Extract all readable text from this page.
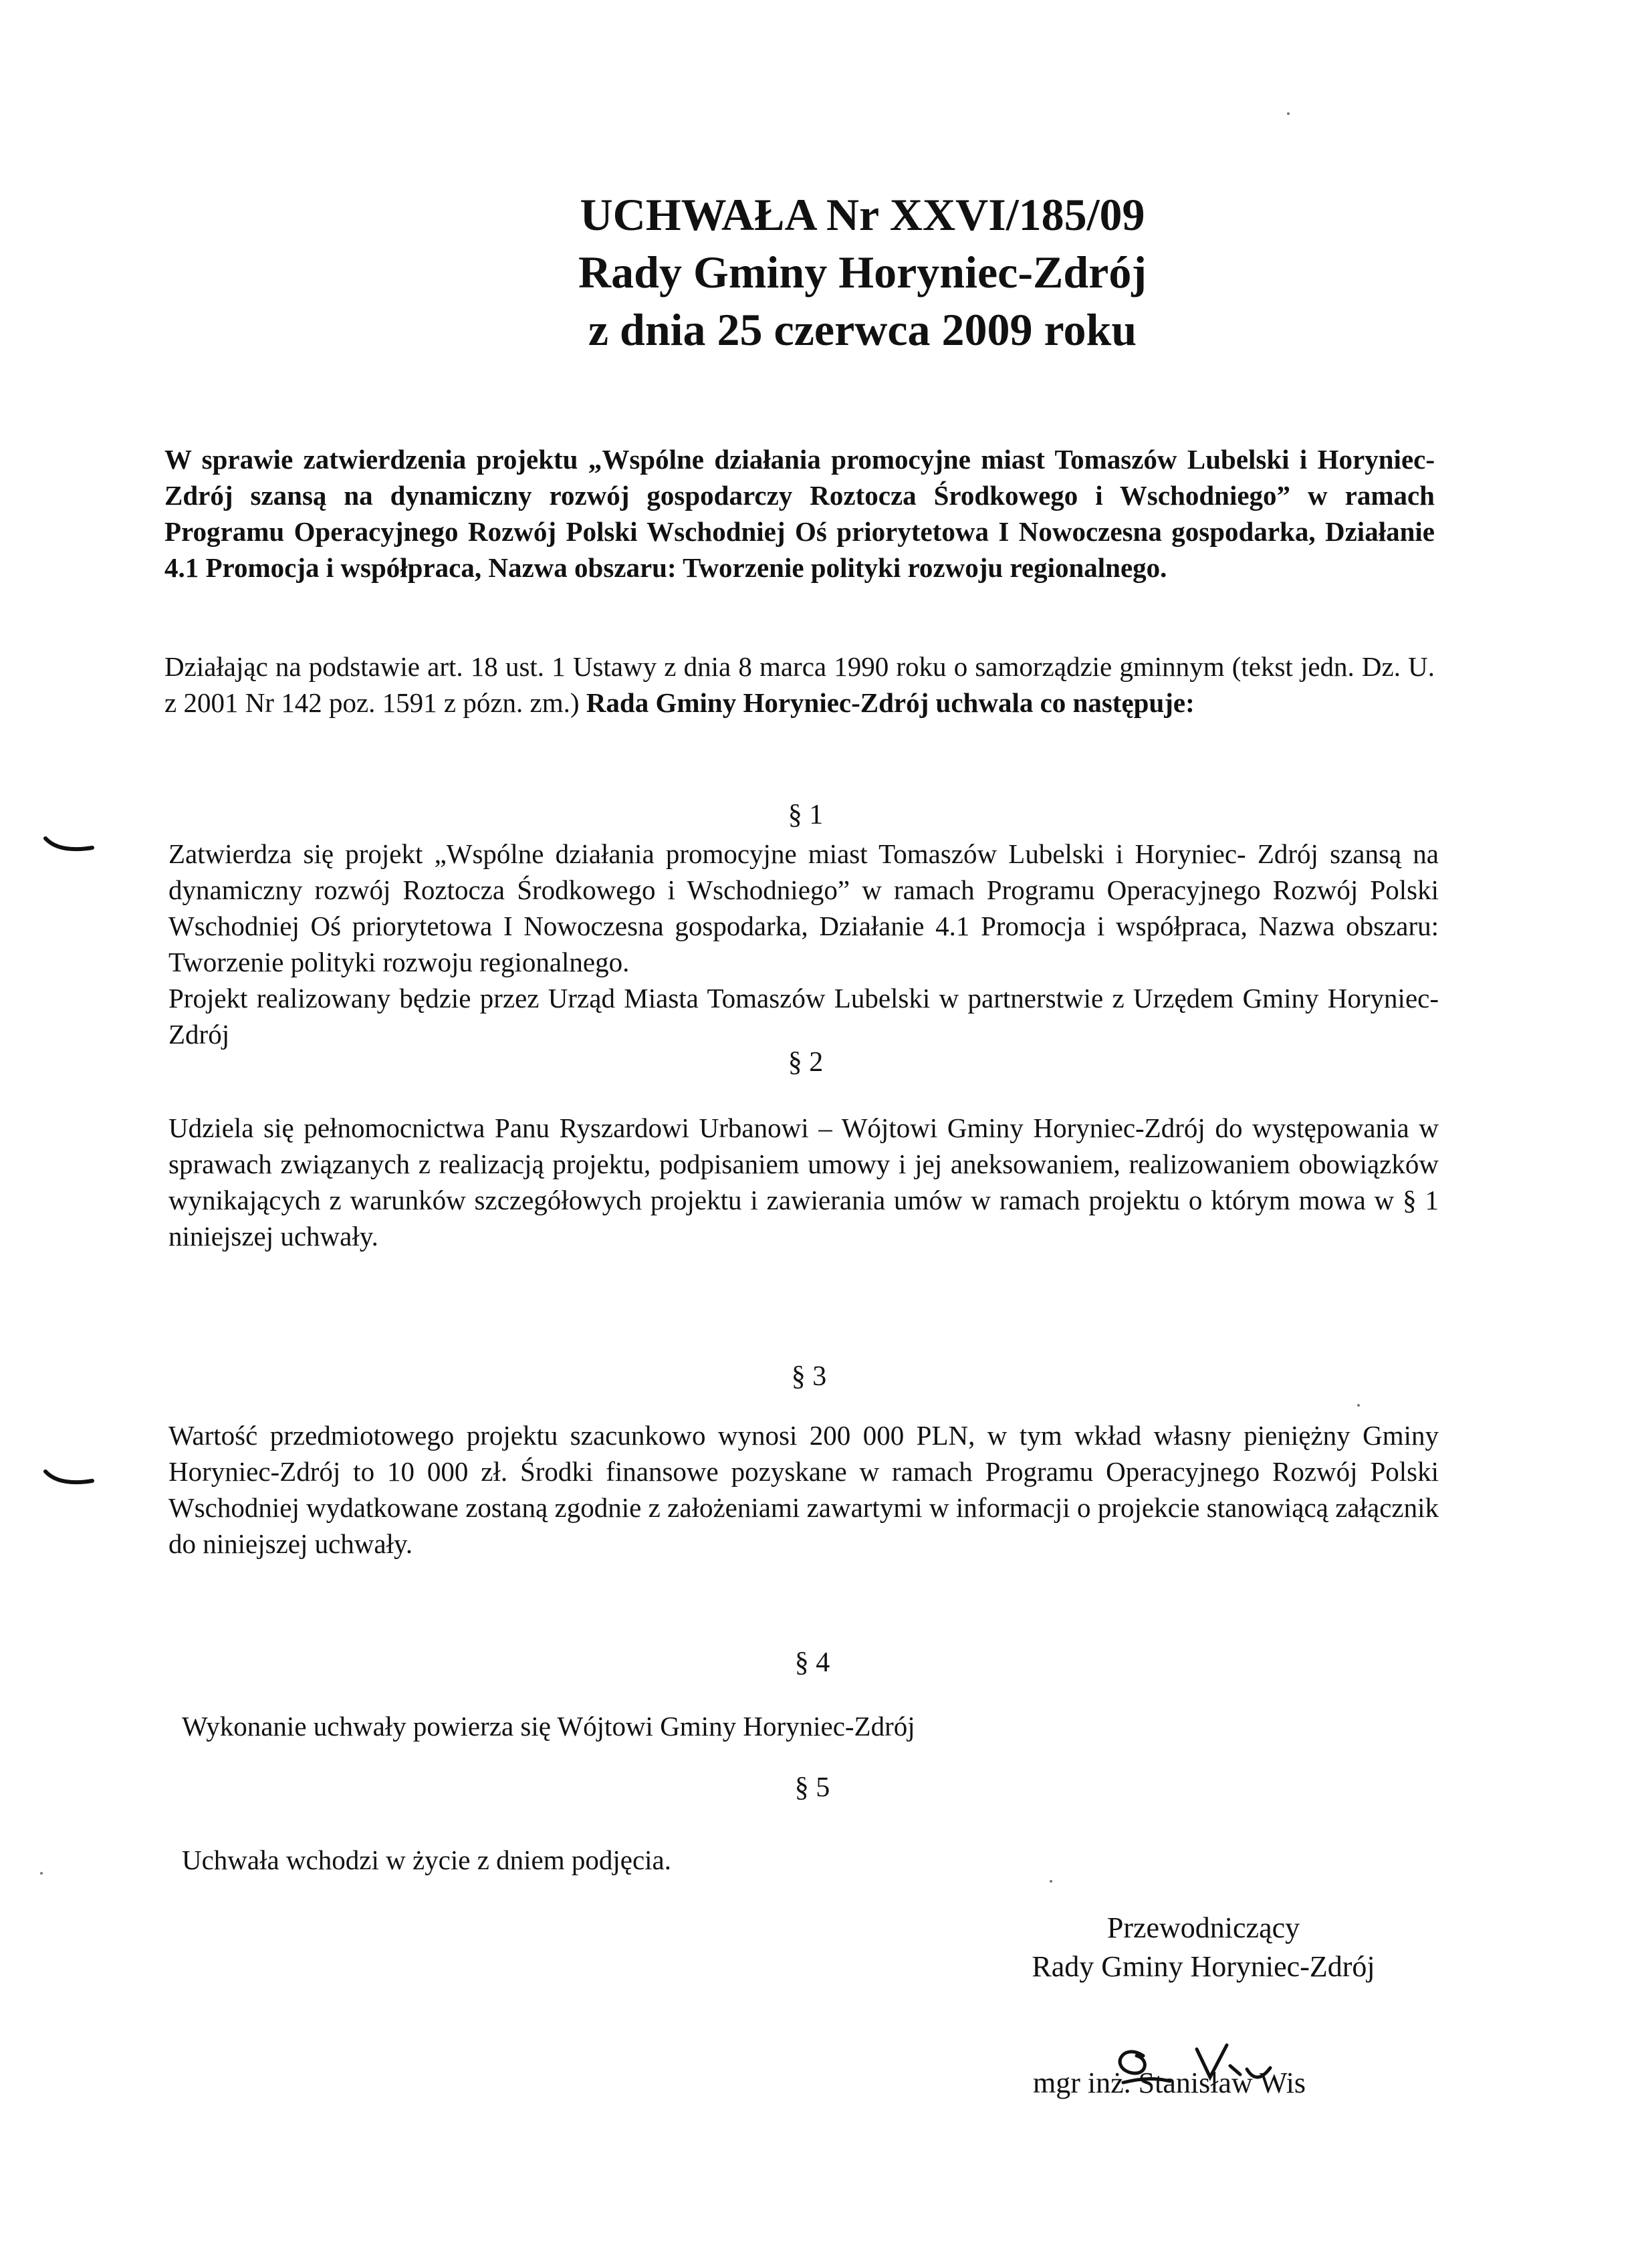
UCHWAŁA Nr XXVI/185/09
Rady Gminy Horyniec-Zdrój
z dnia 25 czerwca 2009 roku
W sprawie zatwierdzenia projektu „Wspólne działania promocyjne miast Tomaszów Lubelski i Horyniec- Zdrój szansą na dynamiczny rozwój gospodarczy Roztocza Środkowego i Wschodniego” w ramach Programu Operacyjnego Rozwój Polski Wschodniej Oś priorytetowa I Nowoczesna gospodarka, Działanie 4.1 Promocja i współpraca, Nazwa obszaru: Tworzenie polityki rozwoju regionalnego.
Działając na podstawie art. 18 ust. 1 Ustawy z dnia 8 marca 1990 roku o samorządzie gminnym (tekst jedn. Dz. U. z 2001 Nr 142 poz. 1591 z pózn. zm.) Rada Gminy Horyniec-Zdrój uchwala co następuje:
§ 1
Zatwierdza się projekt „Wspólne działania promocyjne miast Tomaszów Lubelski i Horyniec- Zdrój szansą na dynamiczny rozwój Roztocza Środkowego i Wschodniego” w ramach Programu Operacyjnego Rozwój Polski Wschodniej Oś priorytetowa I Nowoczesna gospodarka, Działanie 4.1 Promocja i współpraca, Nazwa obszaru: Tworzenie polityki rozwoju regionalnego.
Projekt realizowany będzie przez Urząd Miasta Tomaszów Lubelski w partnerstwie z Urzędem Gminy Horyniec-Zdrój
§ 2
Udziela się pełnomocnictwa Panu Ryszardowi Urbanowi – Wójtowi Gminy Horyniec-Zdrój do występowania w sprawach związanych z realizacją projektu, podpisaniem umowy i jej aneksowaniem, realizowaniem obowiązków wynikających z warunków szczegółowych projektu i zawierania umów w ramach projektu o którym mowa w § 1 niniejszej uchwały.
§ 3
Wartość przedmiotowego projektu szacunkowo wynosi 200 000 PLN, w tym wkład własny pieniężny Gminy Horyniec-Zdrój to 10 000 zł. Środki finansowe pozyskane w ramach Programu Operacyjnego Rozwój Polski Wschodniej wydatkowane zostaną zgodnie z założeniami zawartymi w informacji o projekcie stanowiącą załącznik do niniejszej uchwały.
§ 4
Wykonanie uchwały powierza się Wójtowi Gminy Horyniec-Zdrój
§ 5
Uchwała wchodzi w życie z dniem podjęcia.
Przewodniczący
Rady Gminy Horyniec-Zdrój
mgr inż. Stanisław Wis
